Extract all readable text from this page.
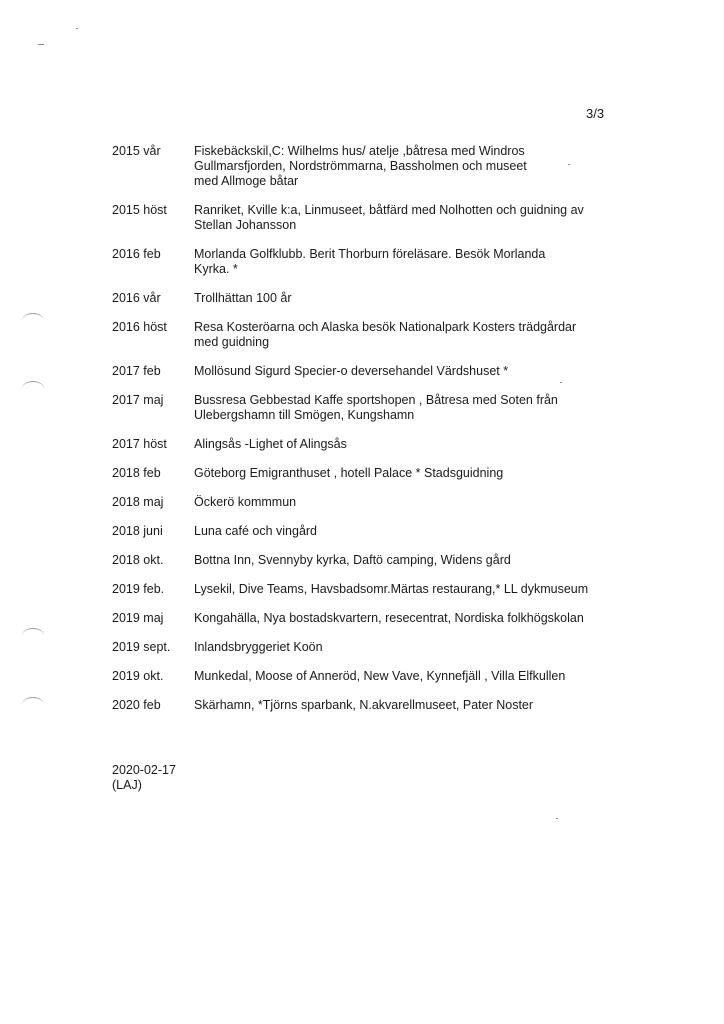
3/3
2015 vår	Fiskebäckskil,C: Wilhelms hus/ atelje ,båtresa med Windros Gullmarsfjorden, Nordströmmarna, Bassholmen och museet med Allmoge båtar
2015 höst	Ranriket, Kville k:a, Linmuseet, båtfärd med Nolhotten och guidning av Stellan Johansson
2016 feb	Morlanda Golfklubb. Berit Thorburn föreläsare. Besök Morlanda Kyrka. *
2016 vår	Trollhättan 100 år
2016 höst	Resa Kosteröarna och Alaska besök Nationalpark Kosters trädgårdar med guidning
2017 feb	Mollösund Sigurd Specier-o deversehandel Värdshuset *
2017 maj	Bussresa Gebbestad Kaffe sportshopen , Båtresa med Soten från Ulebergshamn till Smögen, Kungshamn
2017 höst	Alingsås -Lighet of Alingsås
2018 feb	Göteborg Emigranthuset , hotell Palace * Stadsguidning
2018 maj	Öckerö kommmun
2018 juni	Luna café och vingård
2018 okt.	Bottna Inn, Svennyby kyrka, Daftö camping, Widens gård
2019 feb.	Lysekil, Dive Teams, Havsbadsomr.Märtas restaurang,* LL dykmuseum
2019 maj	Kongahälla, Nya bostadskvartern, resecentrat, Nordiska folkhögskolan
2019 sept.	Inlandsbryggeriet Koön
2019 okt.	Munkedal, Moose of Anneröd, New Vave, Kynnefjäll , Villa Elfkullen
2020 feb	Skärhamn, *Tjörns sparbank, N.akvarellmuseet, Pater Noster
2020-02-17
(LAJ)
